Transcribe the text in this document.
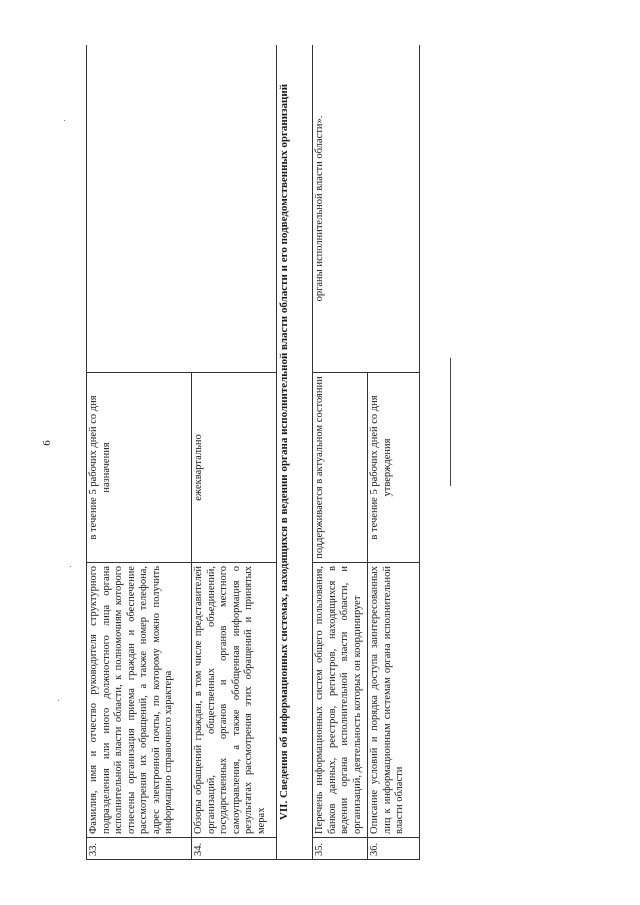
6
33.	Фамилия, имя и отчество руководителя структурного подразделения или иного должностного лица органа исполнительной власти области, к полномочиям которого отнесены организация приема граждан и обеспечение рассмотрения их обращений, а также номер телефона, адрес электронной почты, по которому можно получить информацию справочного характера	в течение 5 рабочих дней со дня назначения	
34.	Обзоры обращений граждан, в том числе представителей организаций, общественных объединений, государственных органов и органов местного самоуправления, а также обобщенная информация о результатах рассмотрения этих обращений и принятых мерах	ежеквартально	
VII. Сведения об информационных системах, находящихся в ведении органа исполнительной власти области и его подведомственных организаций			
35.	Перечень информационных систем общего пользования, банков данных, реестров, регистров, находящихся в ведении органа исполнительной власти области, и организаций, деятельность которых он координирует	поддерживается в актуальном состоянии	органы исполнительной власти области».
36.	Описание условий и порядка доступа заинтересованных лиц к информационным системам органа исполнительной власти области	в течение 5 рабочих дней со дня утверждения	
